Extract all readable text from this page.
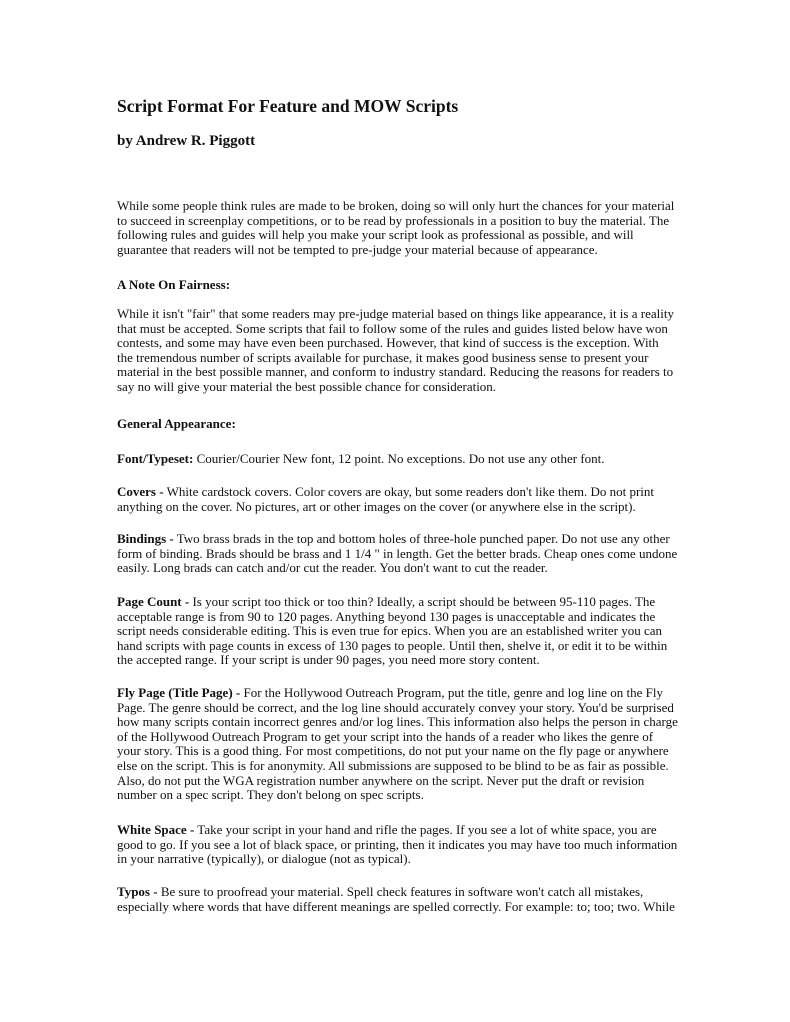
Script Format For Feature and MOW Scripts
by Andrew R. Piggott
While some people think rules are made to be broken, doing so will only hurt the chances for your material
to succeed in screenplay competitions, or to be read by professionals in a position to buy the material. The
following rules and guides will help you make your script look as professional as possible, and will
guarantee that readers will not be tempted to pre-judge your material because of appearance.
A Note On Fairness:
While it isn't "fair" that some readers may pre-judge material based on things like appearance, it is a reality
that must be accepted. Some scripts that fail to follow some of the rules and guides listed below have won
contests, and some may have even been purchased. However, that kind of success is the exception. With
the tremendous number of scripts available for purchase, it makes good business sense to present your
material in the best possible manner, and conform to industry standard. Reducing the reasons for readers to
say no will give your material the best possible chance for consideration.
General Appearance:
Font/Typeset: Courier/Courier New font, 12 point. No exceptions. Do not use any other font.
Covers - White cardstock covers. Color covers are okay, but some readers don't like them. Do not print
anything on the cover. No pictures, art or other images on the cover (or anywhere else in the script).
Bindings - Two brass brads in the top and bottom holes of three-hole punched paper. Do not use any other
form of binding. Brads should be brass and 1 1/4 " in length. Get the better brads. Cheap ones come undone
easily. Long brads can catch and/or cut the reader. You don't want to cut the reader.
Page Count - Is your script too thick or too thin? Ideally, a script should be between 95-110 pages. The
acceptable range is from 90 to 120 pages. Anything beyond 130 pages is unacceptable and indicates the
script needs considerable editing. This is even true for epics. When you are an established writer you can
hand scripts with page counts in excess of 130 pages to people. Until then, shelve it, or edit it to be within
the accepted range. If your script is under 90 pages, you need more story content.
Fly Page (Title Page) - For the Hollywood Outreach Program, put the title, genre and log line on the Fly
Page. The genre should be correct, and the log line should accurately convey your story. You'd be surprised
how many scripts contain incorrect genres and/or log lines. This information also helps the person in charge
of the Hollywood Outreach Program to get your script into the hands of a reader who likes the genre of
your story. This is a good thing. For most competitions, do not put your name on the fly page or anywhere
else on the script. This is for anonymity. All submissions are supposed to be blind to be as fair as possible.
Also, do not put the WGA registration number anywhere on the script. Never put the draft or revision
number on a spec script. They don't belong on spec scripts.
White Space - Take your script in your hand and rifle the pages. If you see a lot of white space, you are
good to go. If you see a lot of black space, or printing, then it indicates you may have too much information
in your narrative (typically), or dialogue (not as typical).
Typos - Be sure to proofread your material. Spell check features in software won't catch all mistakes,
especially where words that have different meanings are spelled correctly. For example: to; too; two. While
